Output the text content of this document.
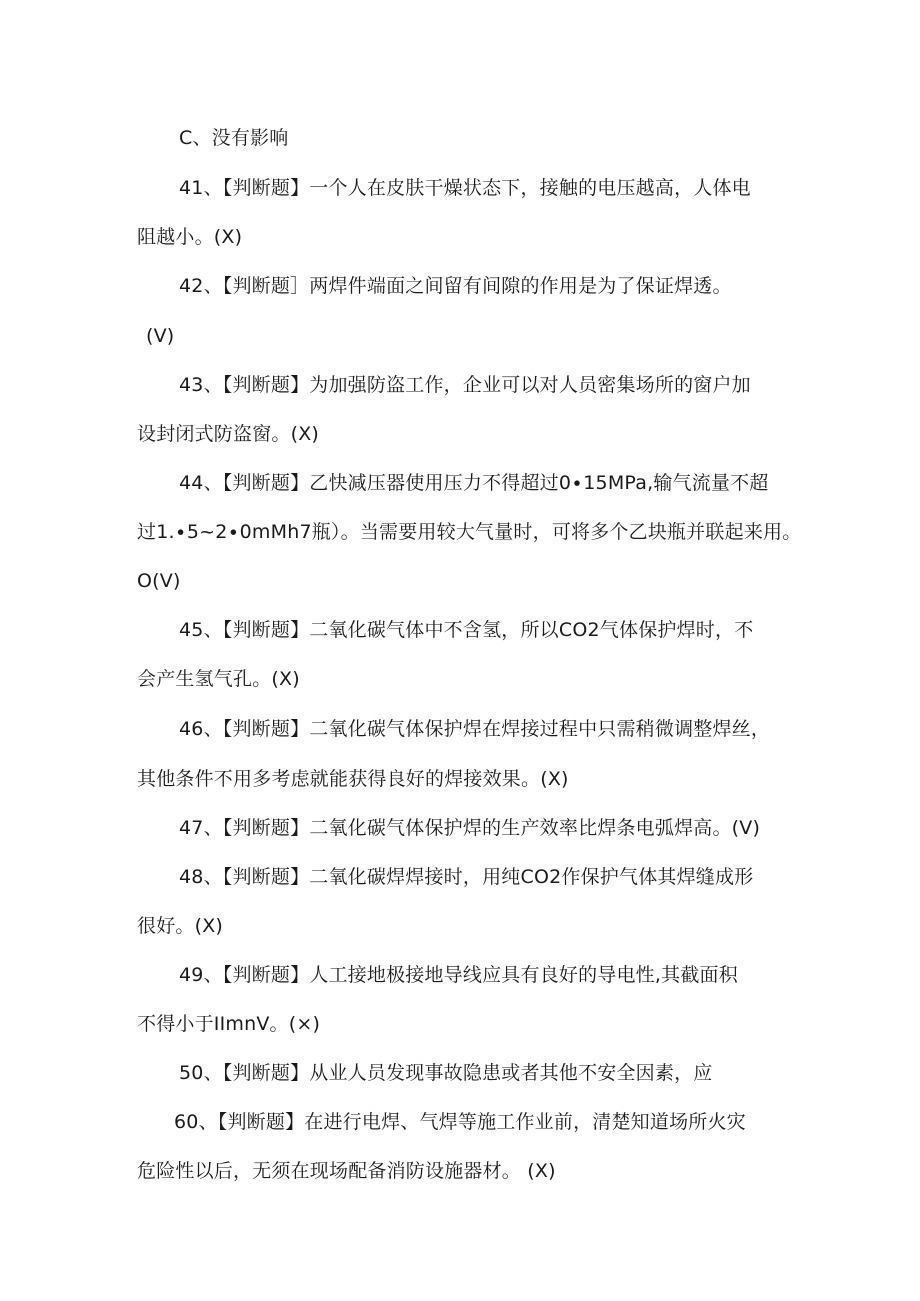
C、没有影响
41、【判断题】一个人在皮肤干燥状态下，接触的电压越高，人体电
阻越小。(X)
42、【判断题］两焊件端面之间留有间隙的作用是为了保证焊透。
(V)
43、【判断题】为加强防盗工作，企业可以对人员密集场所的窗户加
设封闭式防盗窗。(X)
44、【判断题】乙快减压器使用压力不得超过0∙15MPa,输气流量不超
过1.∙5~2∙0mMh7瓶）。当需要用较大气量时，可将多个乙块瓶并联起来用。
O(V)
45、【判断题】二氧化碳气体中不含氢，所以CO2气体保护焊时，不
会产生氢气孔。(X)
46、【判断题】二氧化碳气体保护焊在焊接过程中只需稍微调整焊丝，
其他条件不用多考虑就能获得良好的焊接效果。(X)
47、【判断题】二氧化碳气体保护焊的生产效率比焊条电弧焊高。(V)
48、【判断题】二氧化碳焊焊接时，用纯CO2作保护气体其焊缝成形
很好。(X)
49、【判断题】人工接地极接地导线应具有良好的导电性,其截面积
不得小于IImnV。(×)
50、【判断题】从业人员发现事故隐患或者其他不安全因素，应
60、【判断题】在进行电焊、气焊等施工作业前，清楚知道场所火灾
危险性以后，无须在现场配备消防设施器材。 (X)
